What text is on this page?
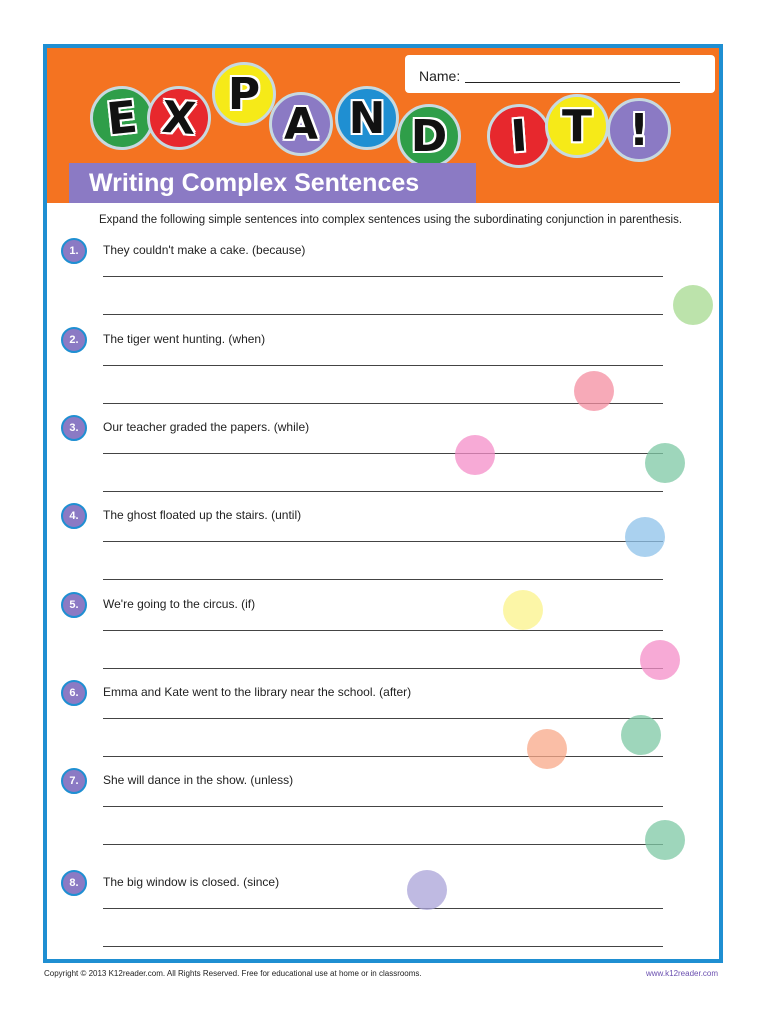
Name:
E X P
A N D	I T !
Writing Complex Sentences
Expand the following simple sentences into complex sentences using the subordinating conjunction in parenthesis.
1.	They couldn't make a cake. (because)
2.	The tiger went hunting. (when)
3.	Our teacher graded the papers. (while)
4.	The ghost floated up the stairs. (until)
5.	We're going to the circus. (if)
6.	Emma and Kate went to the library near the school. (after)
7.	She will dance in the show. (unless)
8.	The big window is closed. (since)
Copyright © 2013 K12reader.com. All Rights Reserved. Free for educational use at home or in classrooms.	www.k12reader.com
